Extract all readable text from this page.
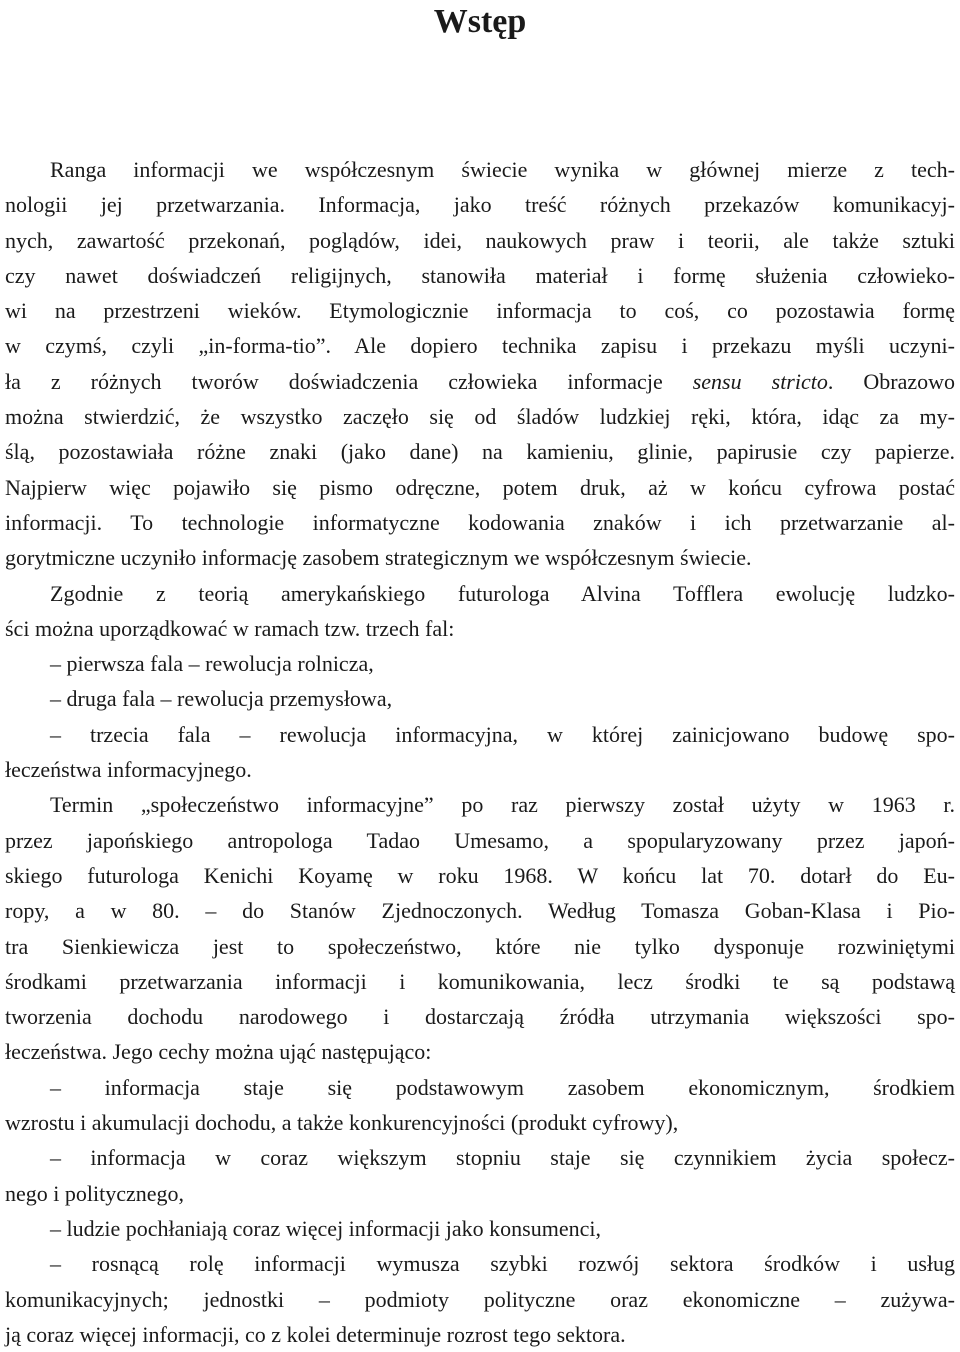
Wstęp

Ranga informacji we współczesnym świecie wynika w głównej mierze z tech-
nologii jej przetwarzania. Informacja, jako treść różnych przekazów komunikacyj-
nych, zawartość przekonań, poglądów, idei, naukowych praw i teorii, ale także sztuki
czy nawet doświadczeń religijnych, stanowiła materiał i formę służenia człowieko-
wi na przestrzeni wieków. Etymologicznie informacja to coś, co pozostawia formę
w czymś, czyli „in-forma-tio”. Ale dopiero technika zapisu i przekazu myśli uczyni-
ła z różnych tworów doświadczenia człowieka informacje sensu stricto. Obrazowo
można stwierdzić, że wszystko zaczęło się od śladów ludzkiej ręki, która, idąc za my-
ślą, pozostawiała różne znaki (jako dane) na kamieniu, glinie, papirusie czy papierze.
Najpierw więc pojawiło się pismo odręczne, potem druk, aż w końcu cyfrowa postać
informacji. To technologie informatyczne kodowania znaków i ich przetwarzanie al-
gorytmiczne uczyniło informację zasobem strategicznym we współczesnym świecie.

Zgodnie z teorią amerykańskiego futurologa Alvina Tofflera ewolucję ludzko-
ści można uporządkować w ramach tzw. trzech fal:

– pierwsza fala – rewolucja rolnicza,
– druga fala – rewolucja przemysłowa,
– trzecia fala – rewolucja informacyjna, w której zainicjowano budowę spo-
łeczeństwa informacyjnego.

Termin „społeczeństwo informacyjne” po raz pierwszy został użyty w 1963 r.
przez japońskiego antropologa Tadao Umesamo, a spopularyzowany przez japoń-
skiego futurologa Kenichi Koyamę w roku 1968. W końcu lat 70. dotarł do Eu-
ropy, a w 80. – do Stanów Zjednoczonych. Według Tomasza Goban-Klasa i Pio-
tra Sienkiewicza jest to społeczeństwo, które nie tylko dysponuje rozwiniętymi
środkami przetwarzania informacji i komunikowania, lecz środki te są podstawą
tworzenia dochodu narodowego i dostarczają źródła utrzymania większości spo-
łeczeństwa. Jego cechy można ująć następująco:

– informacja staje się podstawowym zasobem ekonomicznym, środkiem
wzrostu i akumulacji dochodu, a także konkurencyjności (produkt cyfrowy),
– informacja w coraz większym stopniu staje się czynnikiem życia społecz-
nego i politycznego,
– ludzie pochłaniają coraz więcej informacji jako konsumenci,
– rosnącą rolę informacji wymusza szybki rozwój sektora środków i usług
komunikacyjnych; jednostki – podmioty polityczne oraz ekonomiczne – zużywa-
ją coraz więcej informacji, co z kolei determinuje rozrost tego sektora.
